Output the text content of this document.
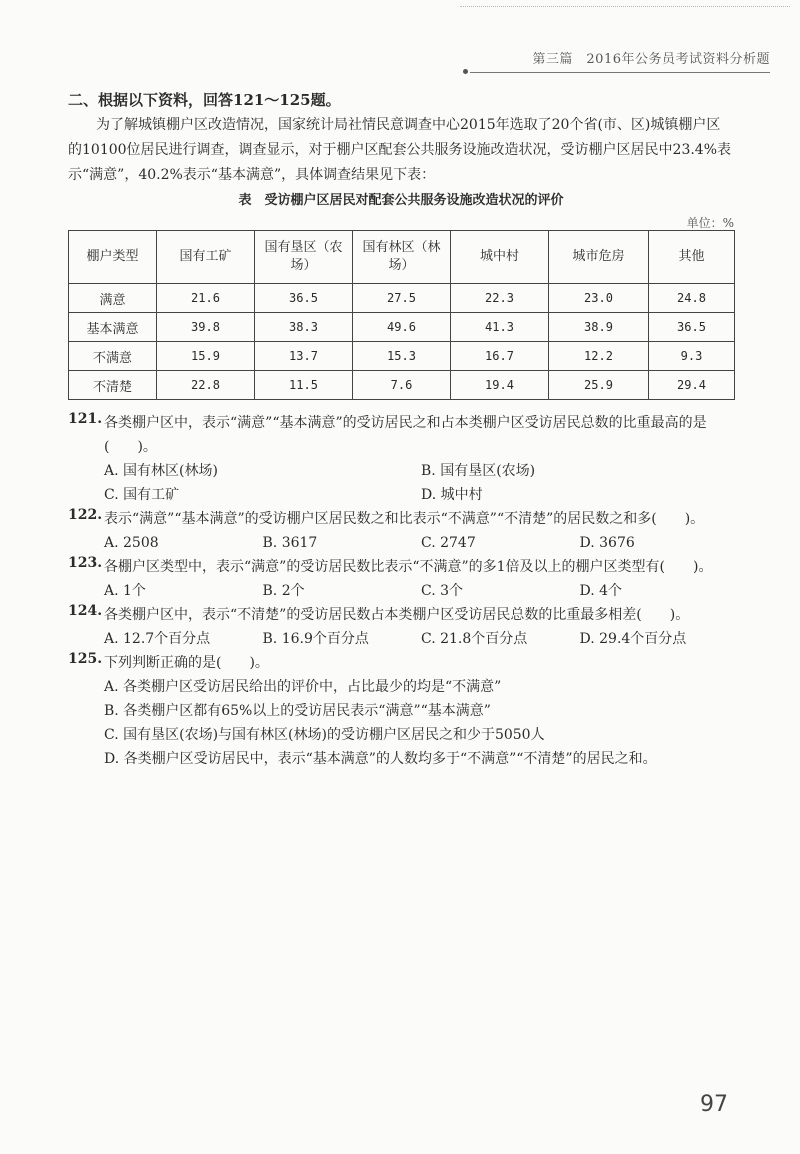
第三篇　2016年公务员考试资料分析题
二、根据以下资料，回答121～125题。
为了解城镇棚户区改造情况，国家统计局社情民意调查中心2015年选取了20个省(市、区)城镇棚户区的10100位居民进行调查，调查显示，对于棚户区配套公共服务设施改造状况，受访棚户区居民中23.4%表示“满意”，40.2%表示“基本满意”，具体调查结果见下表：
表　受访棚户区居民对配套公共服务设施改造状况的评价
单位：%
棚户类型	国有工矿	国有垦区（农场）	国有林区（林场）	城中村	城市危房	其他
满意	21.6	36.5	27.5	22.3	23.0	24.8
基本满意	39.8	38.3	49.6	41.3	38.9	36.5
不满意	15.9	13.7	15.3	16.7	12.2	9.3
不清楚	22.8	11.5	7.6	19.4	25.9	29.4
121. 各类棚户区中，表示“满意”“基本满意”的受访居民之和占本类棚户区受访居民总数的比重最高的是(　　)。
A. 国有林区(林场)	B. 国有垦区(农场)
C. 国有工矿	D. 城中村
122. 表示“满意”“基本满意”的受访棚户区居民数之和比表示“不满意”“不清楚”的居民数之和多(　　)。
A. 2508	B. 3617	C. 2747	D. 3676
123. 各棚户区类型中，表示“满意”的受访居民数比表示“不满意”的多1倍及以上的棚户区类型有(　　)。
A. 1个	B. 2个	C. 3个	D. 4个
124. 各类棚户区中，表示“不清楚”的受访居民数占本类棚户区受访居民总数的比重最多相差(　　)。
A. 12.7个百分点	B. 16.9个百分点	C. 21.8个百分点	D. 29.4个百分点
125. 下列判断正确的是(　　)。
A. 各类棚户区受访居民给出的评价中，占比最少的均是“不满意”
B. 各类棚户区都有65%以上的受访居民表示“满意”“基本满意”
C. 国有垦区(农场)与国有林区(林场)的受访棚户区居民之和少于5050人
D. 各类棚户区受访居民中，表示“基本满意”的人数均多于“不满意”“不清楚”的居民之和。
97
